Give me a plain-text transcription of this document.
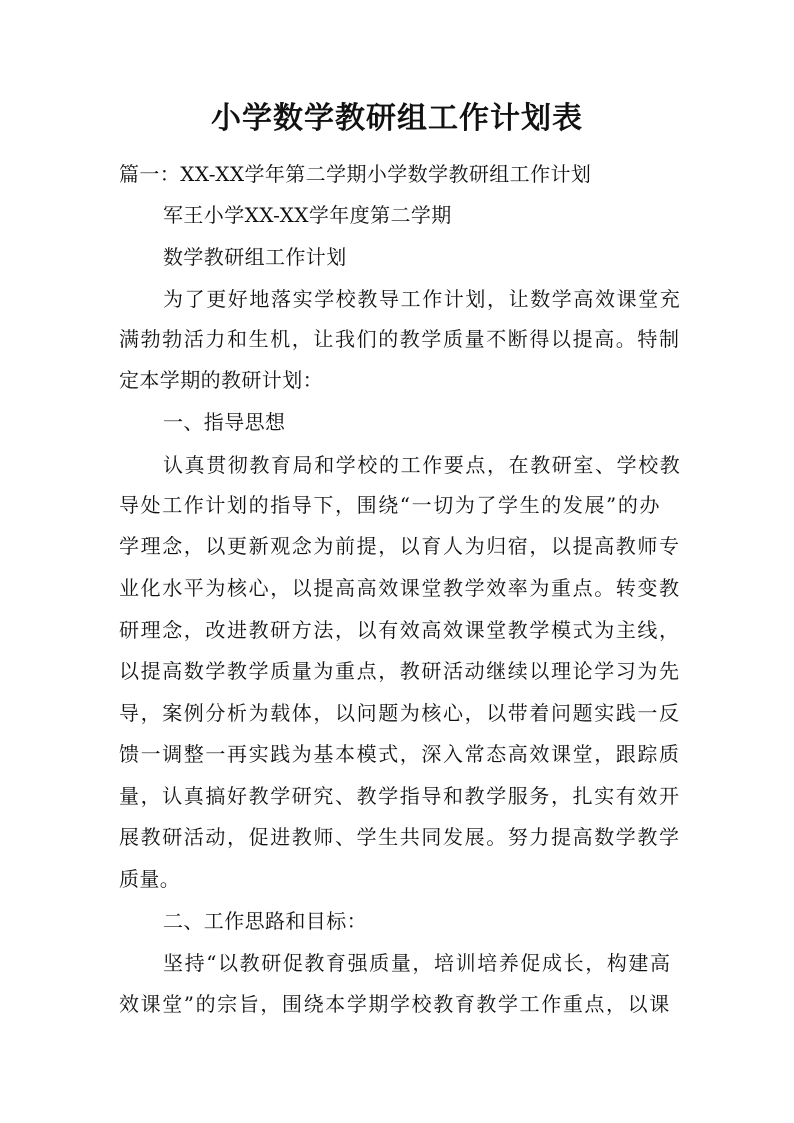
小学数学教研组工作计划表
篇一：XX-XX学年第二学期小学数学教研组工作计划
军王小学XX-XX学年度第二学期
数学教研组工作计划
为了更好地落实学校教导工作计划，让数学高效课堂充
满勃勃活力和生机，让我们的教学质量不断得以提高。特制
定本学期的教研计划：
一、指导思想
认真贯彻教育局和学校的工作要点，在教研室、学校教
导处工作计划的指导下，围绕“一切为了学生的发展”的办
学理念，以更新观念为前提，以育人为归宿，以提高教师专
业化水平为核心，以提高高效课堂教学效率为重点。转变教
研理念，改进教研方法，以有效高效课堂教学模式为主线，
以提高数学教学质量为重点，教研活动继续以理论学习为先
导，案例分析为载体，以问题为核心，以带着问题实践一反
馈一调整一再实践为基本模式，深入常态高效课堂，跟踪质
量，认真搞好教学研究、教学指导和教学服务，扎实有效开
展教研活动，促进教师、学生共同发展。努力提高数学教学
质量。
二、工作思路和目标：
坚持“以教研促教育强质量，培训培养促成长，构建高
效课堂”的宗旨，围绕本学期学校教育教学工作重点，以课
